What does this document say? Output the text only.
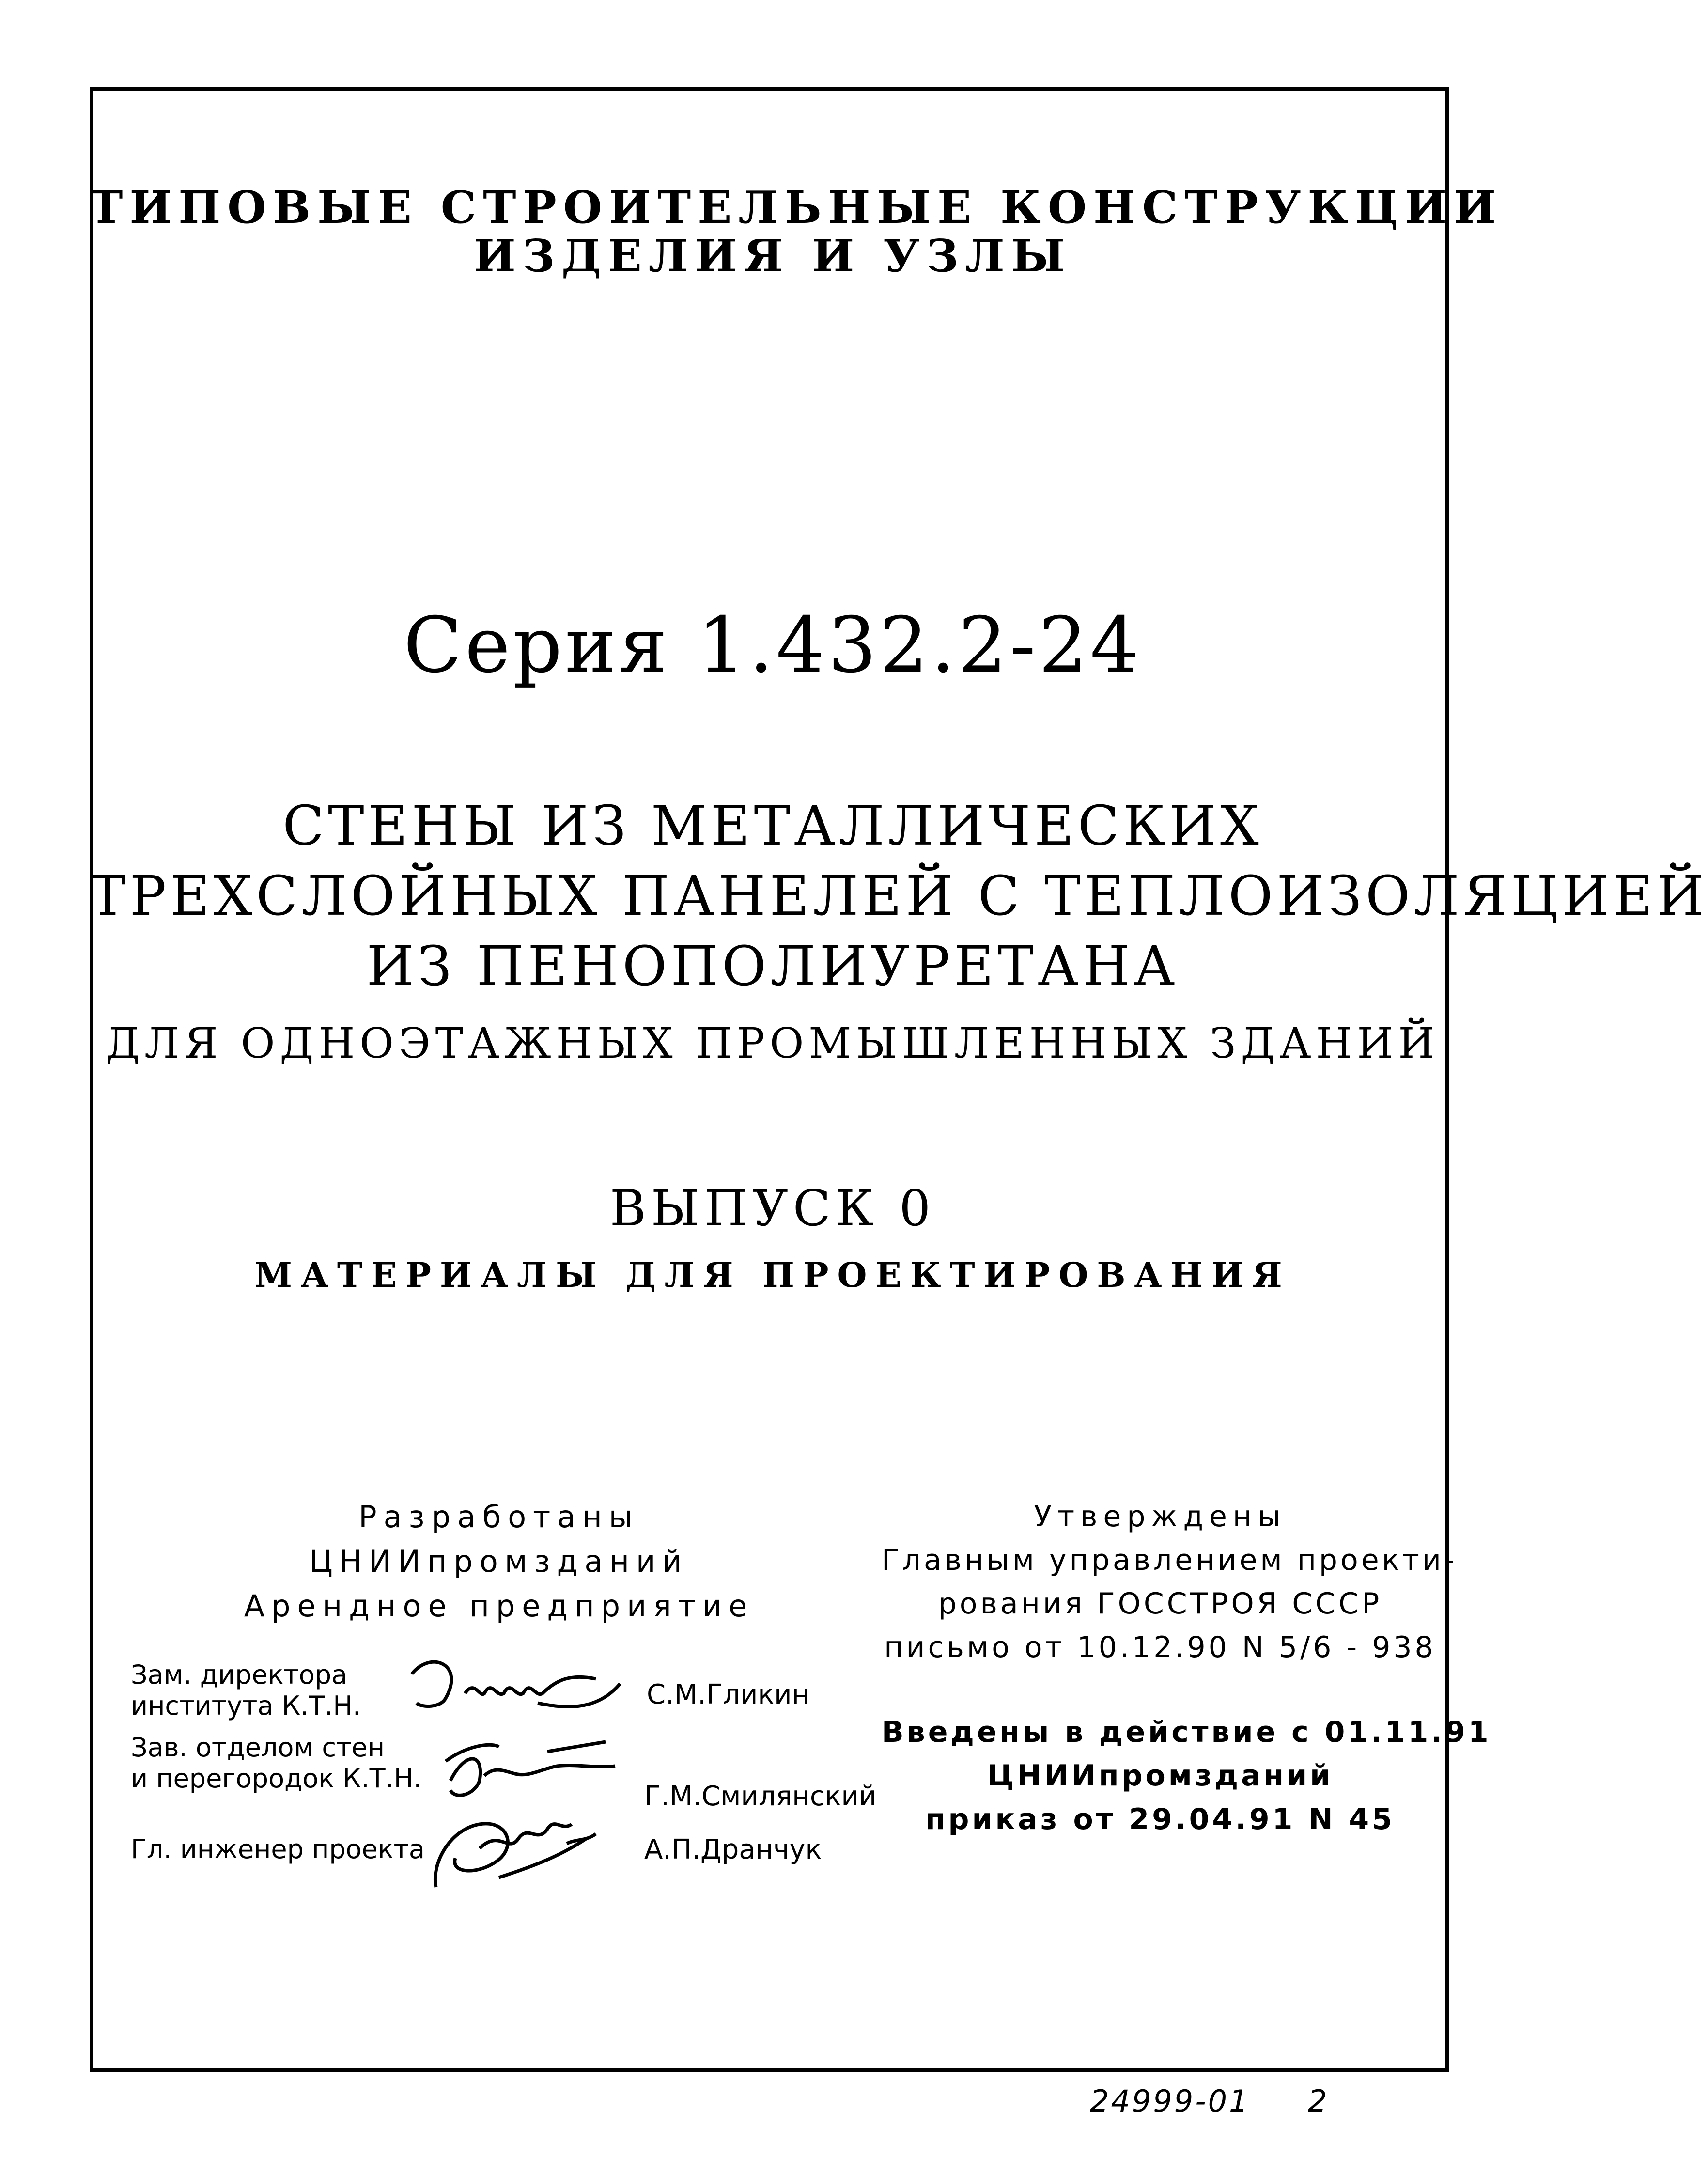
ТИПОВЫЕ СТРОИТЕЛЬНЫЕ КОНСТРУКЦИИ
ИЗДЕЛИЯ И УЗЛЫ
Серия 1.432.2-24
СТЕНЫ ИЗ МЕТАЛЛИЧЕСКИХ
ТРЕХСЛОЙНЫХ ПАНЕЛЕЙ С ТЕПЛОИЗОЛЯЦИЕЙ
ИЗ ПЕНОПОЛИУРЕТАНА
ДЛЯ ОДНОЭТАЖНЫХ ПРОМЫШЛЕННЫХ ЗДАНИЙ
ВЫПУСК 0
МАТЕРИАЛЫ ДЛЯ ПРОЕКТИРОВАНИЯ
Разработаны
ЦНИИпромзданий
Арендное предприятие
Зам. директора
института К.Т.Н.	С.М.Гликин
Зав. отделом стен
и перегородок К.Т.Н.
Г.М.Смилянский
Гл. инженер проекта	А.П.Дранчук
Утверждены
Главным управлением проекти-
рования ГОССТРОЯ СССР
письмо от 10.12.90 N 5/6 - 938
Введены в действие с 01.11.91
ЦНИИпромзданий
приказ от 29.04.91 N 45
24999-01 2
